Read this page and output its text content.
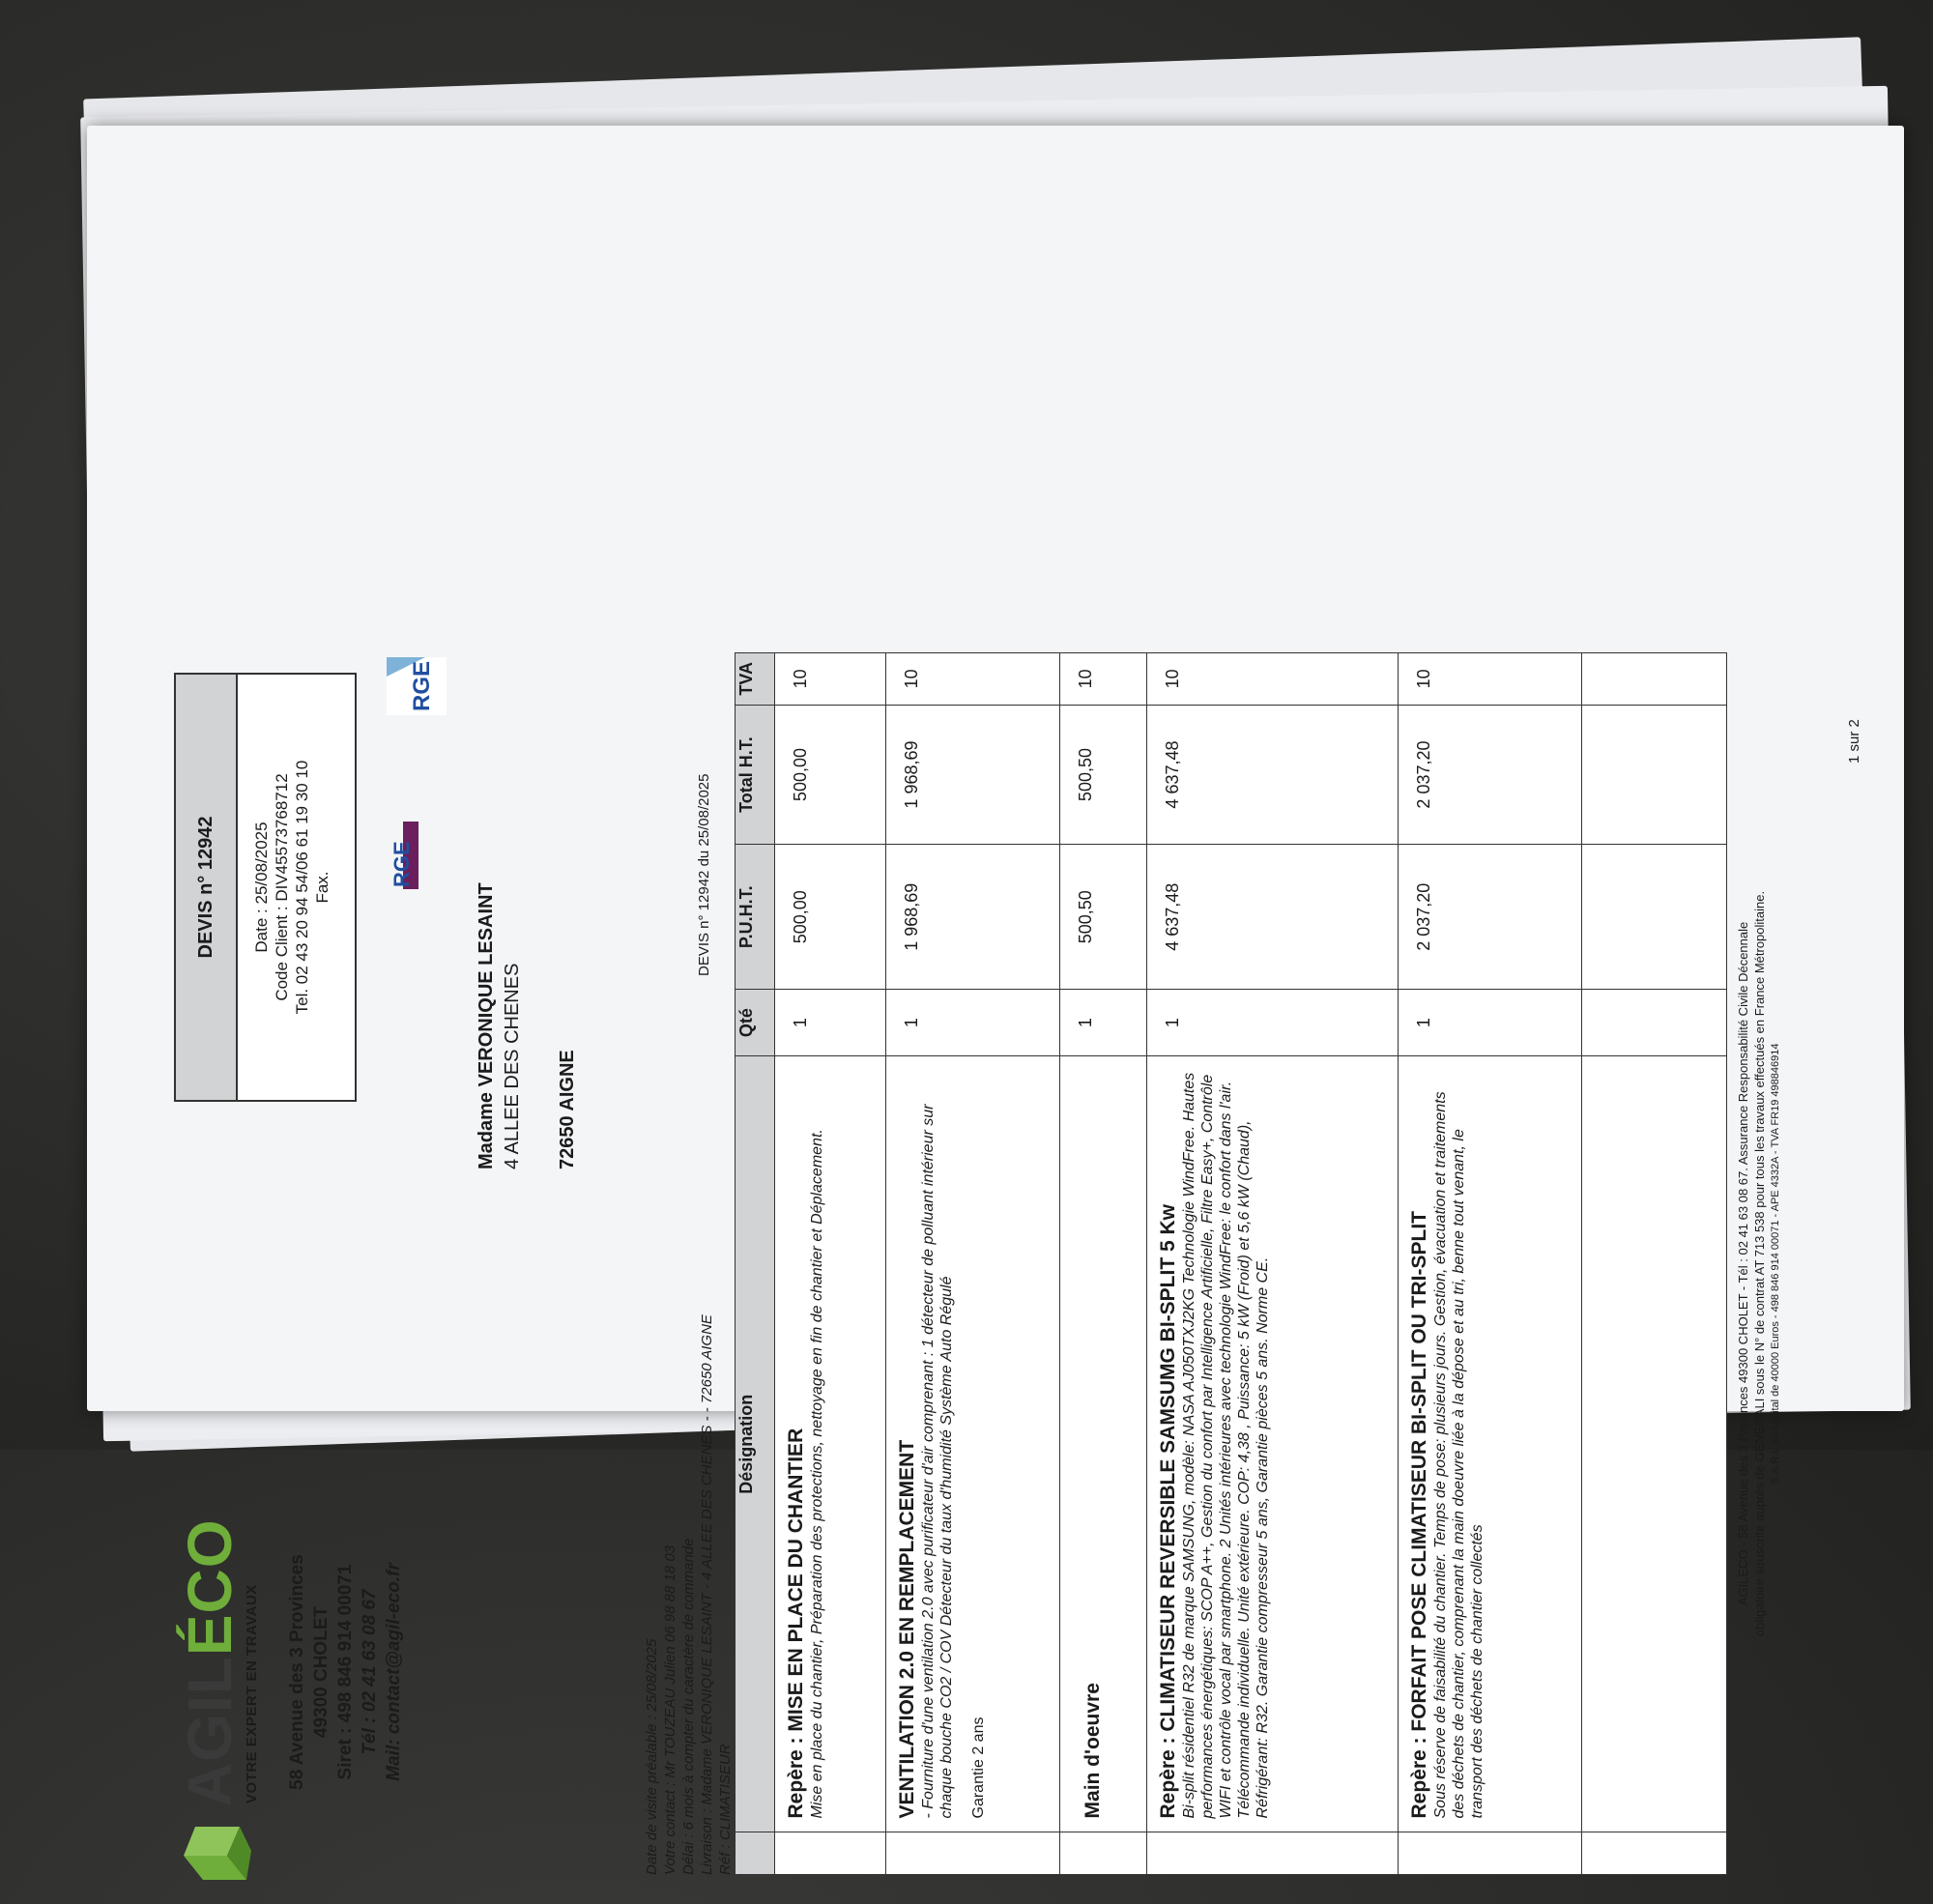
AGILÉCO VOTRE EXPERT EN TRAVAUX 58 Avenue des 3 Provinces 49300 CHOLET Siret : 498 846 914 00071 Tél : 02 41 63 08 67 Mail: contact@agil-eco.fr
DEVIS n° 12942	Date : 25/08/2025 Code Client : DIV45573768712 Tel. 02 43 20 94 54/06 61 19 30 10 Fax.
RGE
RGE
Madame VERONIQUE LESAINT 4 ALLEE DES CHENES 72650 AIGNE
Date de visite préalable : 25/08/2025 Votre contact : Mr TOUZEAU Julien 06 98 88 18 03 Délai : 6 mois à compter du caractère de commande Livraison : Madame VERONIQUE LESAINT - 4 ALLEE DES CHENES - - 72650 AIGNE Réf : CLIMATISEUR
DEVIS n° 12942 du 25/08/2025
	Désignation	Qté	P.U.H.T.	Total H.T.	TVA

	Repère : MISE EN PLACE DU CHANTIER Mise en place du chantier, Préparation des protections, nettoyage en fin de chantier et Déplacement.	1	500,00	500,00	10

	VENTILATION 2.0 EN REMPLACEMENT - Fourniture d'une ventilation 2.0 avec purificateur d'air comprenant : 1 détecteur de polluant intérieur sur chaque bouche CO2 / COV Détecteur du taux d'humidité Système Auto Régulé Garantie 2 ans	1	1 968,69	1 968,69	10

	Main d'oeuvre	1	500,50	500,50	10

	Repère : CLIMATISEUR REVERSIBLE SAMSUMG BI-SPLIT 5 Kw Bi-split résidentiel R32 de marque SAMSUNG, modèle: NASA AJ050TXJ2KG Technologie WindFree. Hautes performances énergétiques: SCOP A++, Gestion du confort par Intelligence Artificielle, Filtre Easy+, Contrôle WIFI et contrôle vocal par smartphone. 2 Unités intérieures avec technologie WindFree: le confort dans l'air. Télécommande individuelle. Unité extérieure. COP: 4,38 , Puissance: 5 kW (Froid) et 5,6 kW (Chaud), Réfrigérant: R32. Garantie compresseur 5 ans, Garantie pièces 5 ans. Norme CE.	1	4 637,48	4 637,48	10

	Repère : FORFAIT POSE CLIMATISEUR BI-SPLIT OU TRI-SPLIT Sous réserve de faisabilité du chantier. Temps de pose: plusieurs jours. Gestion, évacuation et traitements des déchets de chantier, comprenant la main doeuvre liée à la dépose et au tri, benne tout venant, le transport des déchets de chantier collectés	1	2 037,20	2 037,20	10

AGILECO - 58 Avenue des 3 Provinces 49300 CHOLET - Tél : 02 41 63 08 67. Assurance Responsabilité Civile Décennale obligatoire souscrite auprès de GENERALI sous le N° de contrat AT 713 538 pour tous les travaux effectués en France Métropolitaine. S.A.R.L au capital de 40000 Euros - 498 846 914 00071 - APE 4332A - TVA FR19 498846914
1 sur 2
